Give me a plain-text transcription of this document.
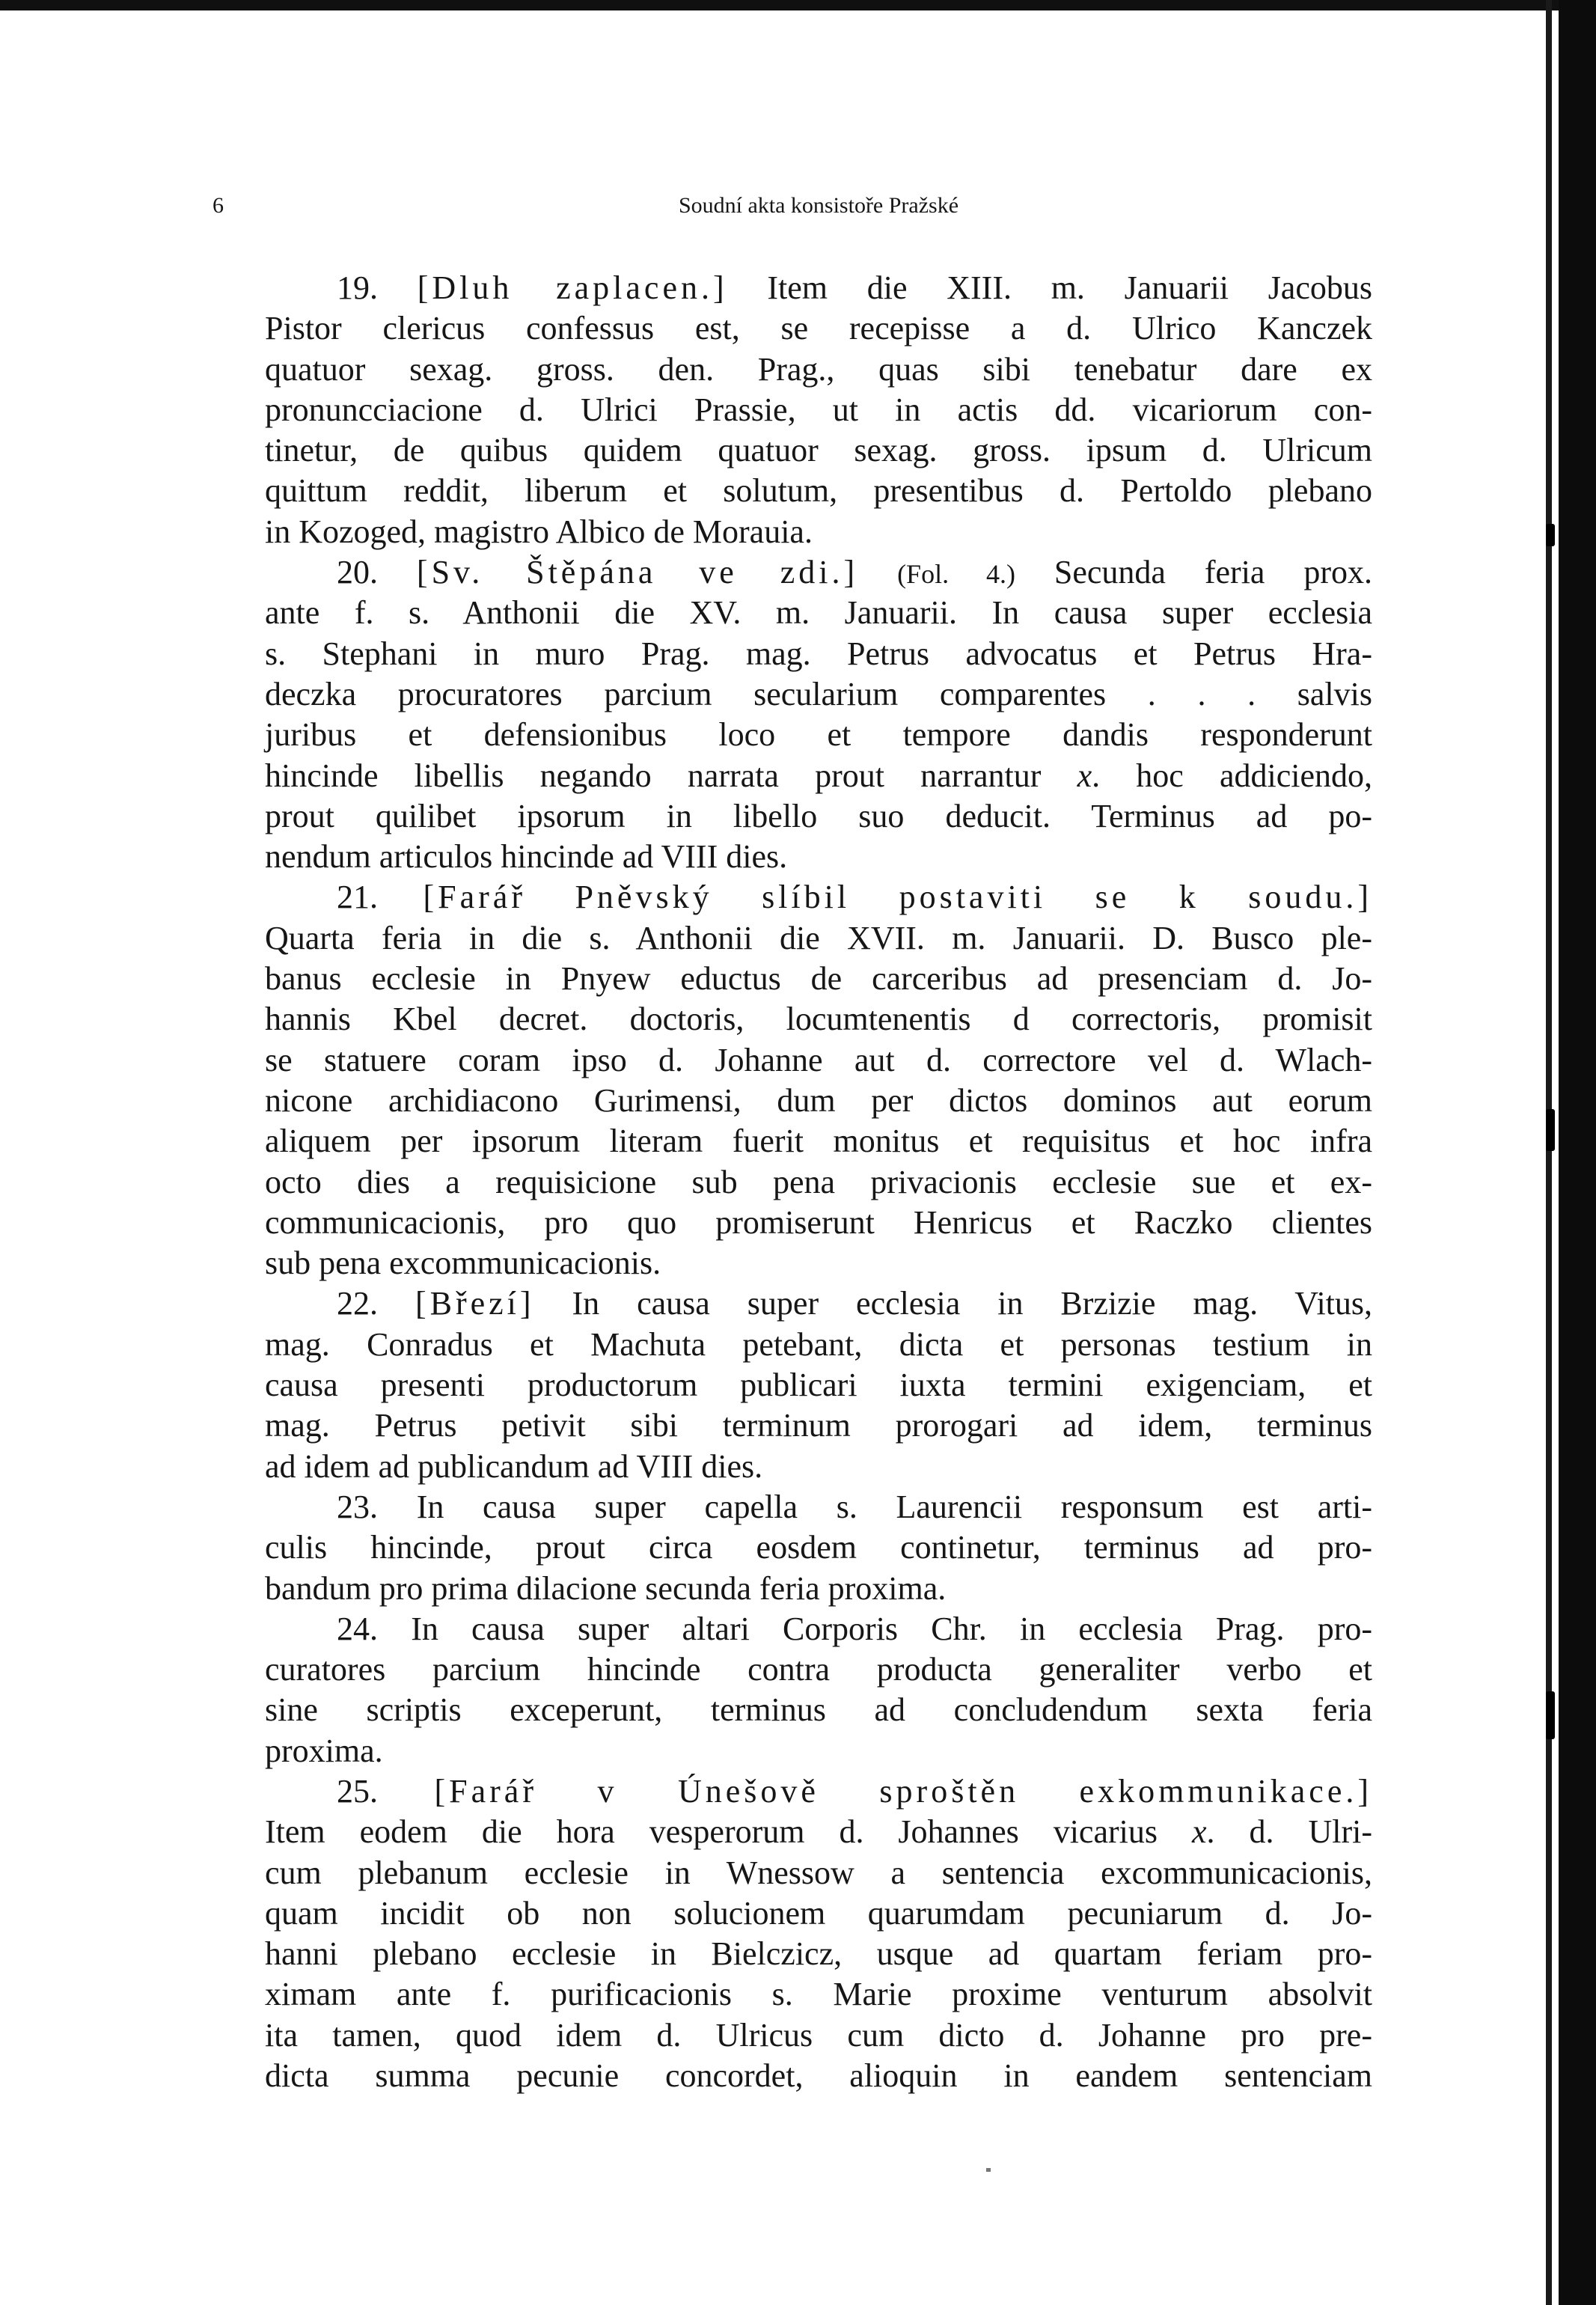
6	Soudní akta konsistoře Pražské
19. [Dluh zaplacen.] Item die XIII. m. Januarii Jacobus
Pistor clericus confessus est, se recepisse a d. Ulrico Kanczek
quatuor sexag. gross. den. Prag., quas sibi tenebatur dare ex
pronuncciacione d. Ulrici Prassie, ut in actis dd. vicariorum con-
tinetur, de quibus quidem quatuor sexag. gross. ipsum d. Ulricum
quittum reddit, liberum et solutum, presentibus d. Pertoldo plebano
in Kozoged, magistro Albico de Morauia.
20. [Sv. Štěpána ve zdi.] (Fol. 4.) Secunda feria prox.
ante f. s. Anthonii die XV. m. Januarii. In causa super ecclesia
s. Stephani in muro Prag. mag. Petrus advocatus et Petrus Hra-
deczka procuratores parcium secularium comparentes . . . salvis
juribus et defensionibus loco et tempore dandis responderunt
hincinde libellis negando narrata prout narrantur x. hoc addiciendo,
prout quilibet ipsorum in libello suo deducit. Terminus ad po-
nendum articulos hincinde ad VIII dies.
21. [Farář Pněvský slíbil postaviti se k soudu.]
Quarta feria in die s. Anthonii die XVII. m. Januarii. D. Busco ple-
banus ecclesie in Pnyew eductus de carceribus ad presenciam d. Jo-
hannis Kbel decret. doctoris, locumtenentis d correctoris, promisit
se statuere coram ipso d. Johanne aut d. correctore vel d. Wlach-
nicone archidiacono Gurimensi, dum per dictos dominos aut eorum
aliquem per ipsorum literam fuerit monitus et requisitus et hoc infra
octo dies a requisicione sub pena privacionis ecclesie sue et ex-
communicacionis, pro quo promiserunt Henricus et Raczko clientes
sub pena excommunicacionis.
22. [Březí] In causa super ecclesia in Brzizie mag. Vitus,
mag. Conradus et Machuta petebant, dicta et personas testium in
causa presenti productorum publicari iuxta termini exigenciam, et
mag. Petrus petivit sibi terminum prorogari ad idem, terminus
ad idem ad publicandum ad VIII dies.
23. In causa super capella s. Laurencii responsum est arti-
culis hincinde, prout circa eosdem continetur, terminus ad pro-
bandum pro prima dilacione secunda feria proxima.
24. In causa super altari Corporis Chr. in ecclesia Prag. pro-
curatores parcium hincinde contra producta generaliter verbo et
sine scriptis exceperunt, terminus ad concludendum sexta feria
proxima.
25. [Farář v Únešově sproštěn exkommunikace.]
Item eodem die hora vesperorum d. Johannes vicarius x. d. Ulri-
cum plebanum ecclesie in Wnessow a sentencia excommunicacionis,
quam incidit ob non solucionem quarumdam pecuniarum d. Jo-
hanni plebano ecclesie in Bielczicz, usque ad quartam feriam pro-
ximam ante f. purificacionis s. Marie proxime venturum absolvit
ita tamen, quod idem d. Ulricus cum dicto d. Johanne pro pre-
dicta summa pecunie concordet, alioquin in eandem sentenciam
